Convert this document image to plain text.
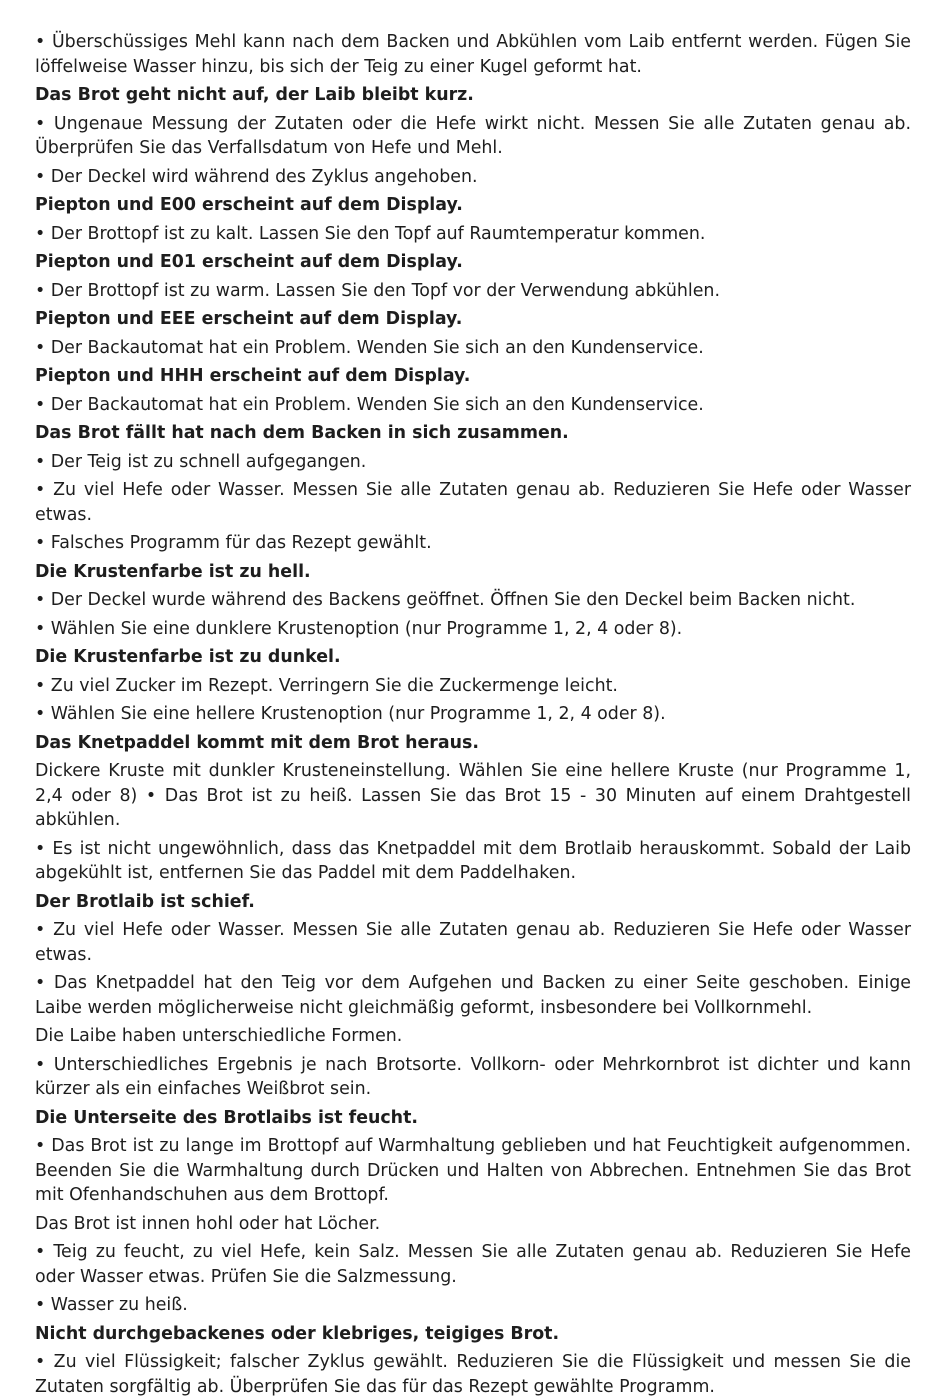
• Überschüssiges Mehl kann nach dem Backen und Abkühlen vom Laib entfernt werden. Fügen Sie löffelweise Wasser hinzu, bis sich der Teig zu einer Kugel geformt hat.
Das Brot geht nicht auf, der Laib bleibt kurz.
• Ungenaue Messung der Zutaten oder die Hefe wirkt nicht. Messen Sie alle Zutaten genau ab. Überprüfen Sie das Verfallsdatum von Hefe und Mehl.
• Der Deckel wird während des Zyklus angehoben.
Piepton und E00 erscheint auf dem Display.
• Der Brottopf ist zu kalt. Lassen Sie den Topf auf Raumtemperatur kommen.
Piepton und E01 erscheint auf dem Display.
• Der Brottopf ist zu warm. Lassen Sie den Topf vor der Verwendung abkühlen.
Piepton und EEE erscheint auf dem Display.
• Der Backautomat hat ein Problem. Wenden Sie sich an den Kundenservice.
Piepton und HHH erscheint auf dem Display.
• Der Backautomat hat ein Problem. Wenden Sie sich an den Kundenservice.
Das Brot fällt hat nach dem Backen in sich zusammen.
• Der Teig ist zu schnell aufgegangen.
• Zu viel Hefe oder Wasser. Messen Sie alle Zutaten genau ab. Reduzieren Sie Hefe oder Wasser etwas.
• Falsches Programm für das Rezept gewählt.
Die Krustenfarbe ist zu hell.
• Der Deckel wurde während des Backens geöffnet. Öffnen Sie den Deckel beim Backen nicht.
• Wählen Sie eine dunklere Krustenoption (nur Programme 1, 2, 4 oder 8).
Die Krustenfarbe ist zu dunkel.
• Zu viel Zucker im Rezept. Verringern Sie die Zuckermenge leicht.
• Wählen Sie eine hellere Krustenoption (nur Programme 1, 2, 4 oder 8).
Das Knetpaddel kommt mit dem Brot heraus.
Dickere Kruste mit dunkler Krusteneinstellung. Wählen Sie eine hellere Kruste (nur Programme 1, 2,4 oder 8) • Das Brot ist zu heiß. Lassen Sie das Brot 15 - 30 Minuten auf einem Drahtgestell abkühlen.
• Es ist nicht ungewöhnlich, dass das Knetpaddel mit dem Brotlaib herauskommt. Sobald der Laib abgekühlt ist, entfernen Sie das Paddel mit dem Paddelhaken.
Der Brotlaib ist schief.
• Zu viel Hefe oder Wasser. Messen Sie alle Zutaten genau ab. Reduzieren Sie Hefe oder Wasser etwas.
• Das Knetpaddel hat den Teig vor dem Aufgehen und Backen zu einer Seite geschoben. Einige Laibe werden möglicherweise nicht gleichmäßig geformt, insbesondere bei Vollkornmehl.
Die Laibe haben unterschiedliche Formen.
• Unterschiedliches Ergebnis je nach Brotsorte. Vollkorn- oder Mehrkornbrot ist dichter und kann kürzer als ein einfaches Weißbrot sein.
Die Unterseite des Brotlaibs ist feucht.
• Das Brot ist zu lange im Brottopf auf Warmhaltung geblieben und hat Feuchtigkeit aufgenommen. Beenden Sie die Warmhaltung durch Drücken und Halten von Abbrechen. Entnehmen Sie das Brot mit Ofenhandschuhen aus dem Brottopf.
Das Brot ist innen hohl oder hat Löcher.
• Teig zu feucht, zu viel Hefe, kein Salz. Messen Sie alle Zutaten genau ab. Reduzieren Sie Hefe oder Wasser etwas. Prüfen Sie die Salzmessung.
• Wasser zu heiß.
Nicht durchgebackenes oder klebriges, teigiges Brot.
• Zu viel Flüssigkeit; falscher Zyklus gewählt. Reduzieren Sie die Flüssigkeit und messen Sie die Zutaten sorgfältig ab. Überprüfen Sie das für das Rezept gewählte Programm.
